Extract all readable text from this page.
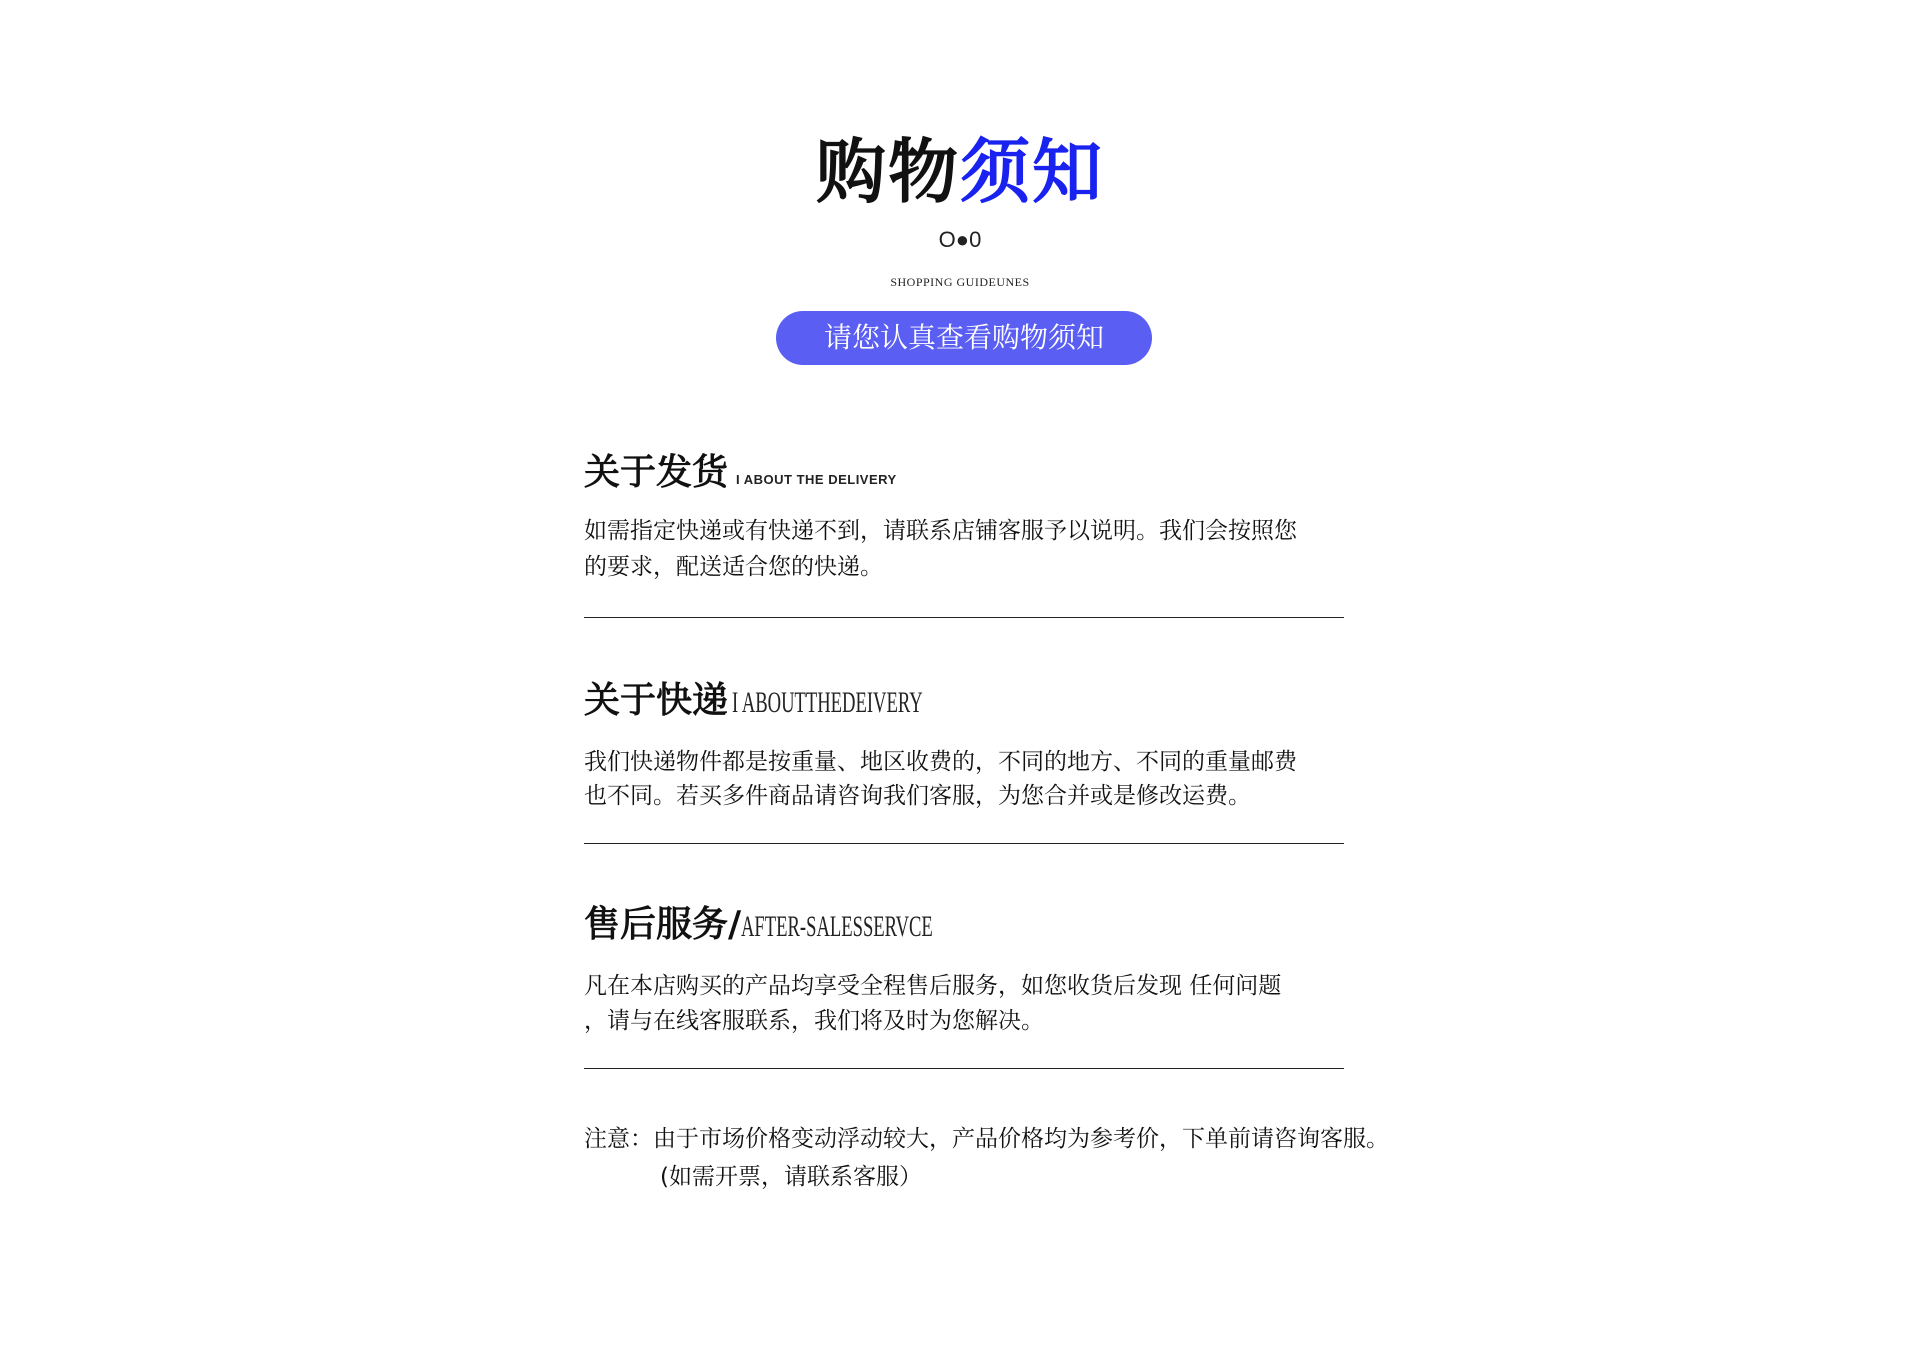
购物须知
O●0
SHOPPING GUIDEUNES
请您认真查看购物须知
关于发货 I ABOUT THE DELIVERY

如需指定快递或有快递不到，请联系店铺客服予以说明。我们会按照您
的要求，配送适合您的快递。

关于快递 I ABOUTTHEDEIVERY

我们快递物件都是按重量、地区收费的，不同的地方、不同的重量邮费
也不同。若买多件商品请咨询我们客服，为您合并或是修改运费。

售后服务/AFTER-SALESSERVCE

凡在本店购买的产品均享受全程售后服务，如您收货后发现 任何问题
，请与在线客服联系，我们将及时为您解决。

注意：由于市场价格变动浮动较大，产品价格均为参考价，下单前请咨询客服。
(如需开票，请联系客服）
